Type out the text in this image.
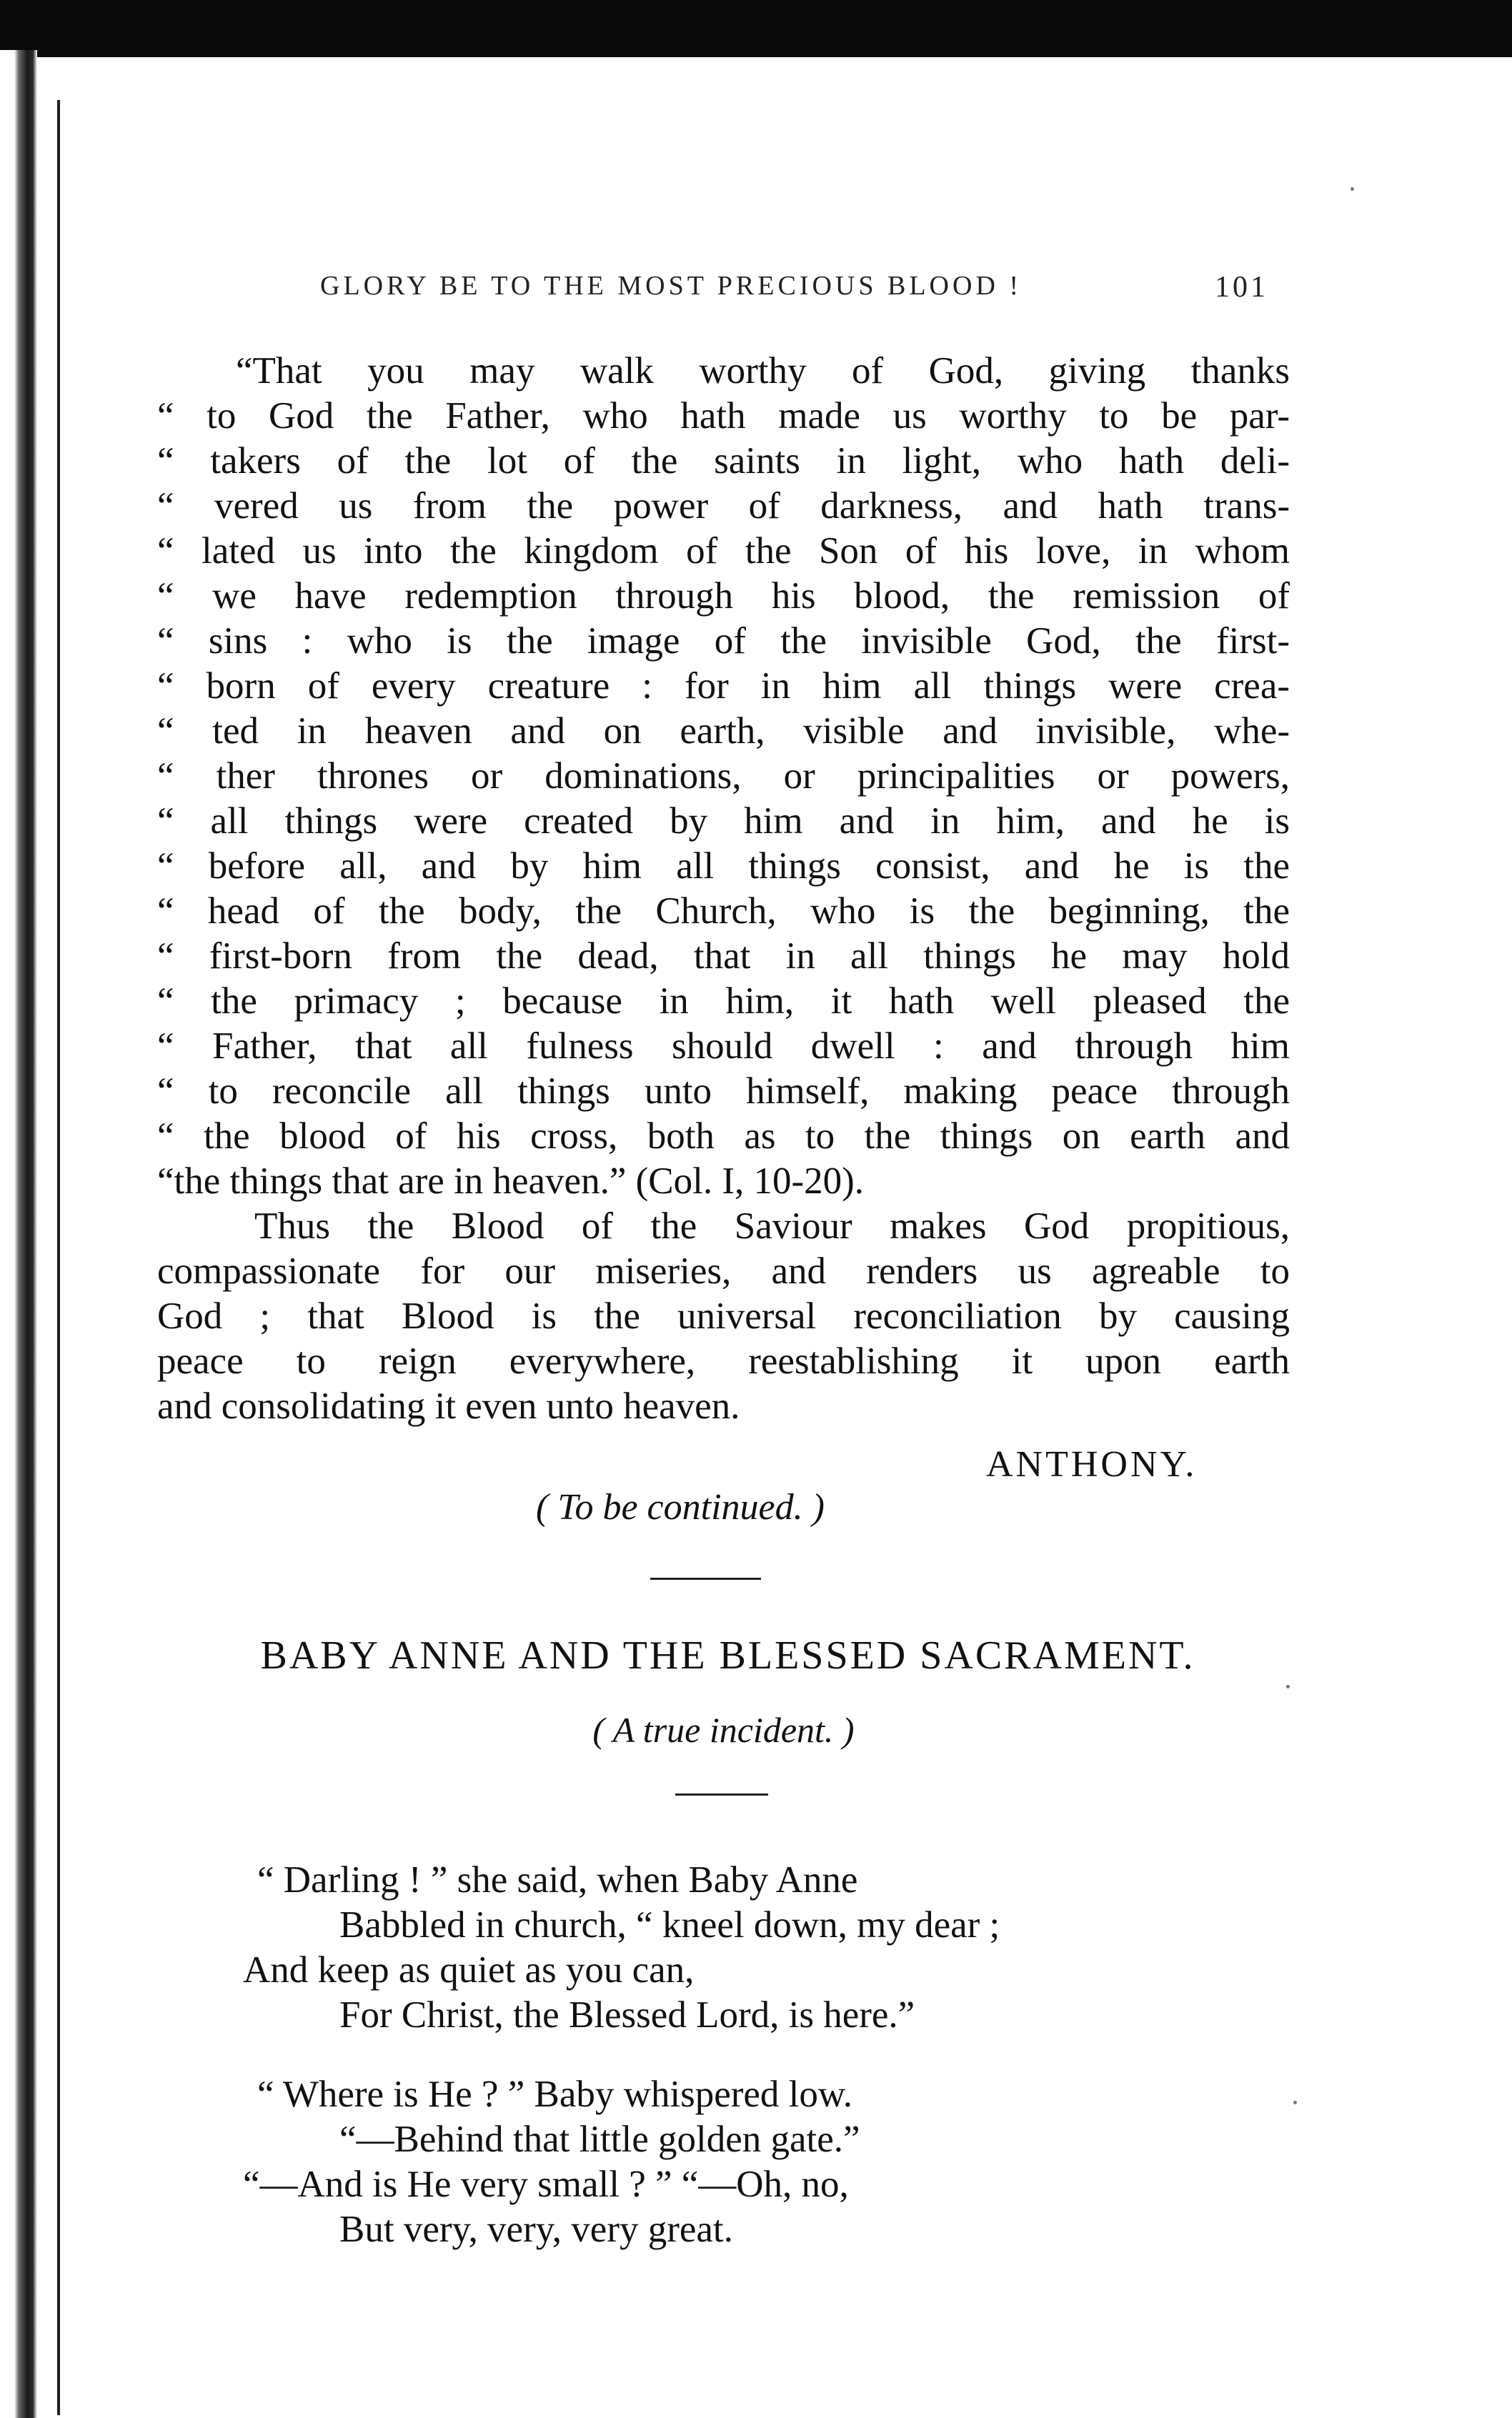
GLORY BE TO THE MOST PRECIOUS BLOOD !	101
“That you may walk worthy of God, giving thanks
“ to God the Father, who hath made us worthy to be par-
“ takers of the lot of the saints in light, who hath deli-
“ vered us from the power of darkness, and hath trans-
“ lated us into the kingdom of the Son of his love, in whom
“ we have redemption through his blood, the remission of
“ sins : who is the image of the invisible God, the first-
“ born of every creature : for in him all things were crea-
“ ted in heaven and on earth, visible and invisible, whe-
“ ther thrones or dominations, or principalities or powers,
“ all things were created by him and in him, and he is
“ before all, and by him all things consist, and he is the
“ head of the body, the Church, who is the beginning, the
“ first-born from the dead, that in all things he may hold
“ the primacy ; because in him, it hath well pleased the
“ Father, that all fulness should dwell : and through him
“ to reconcile all things unto himself, making peace through
“ the blood of his cross, both as to the things on earth and
“the things that are in heaven.” (Col. I, 10-20).
Thus the Blood of the Saviour makes God propitious,
compassionate for our miseries, and renders us agreable to
God ; that Blood is the universal reconciliation by causing
peace to reign everywhere, reestablishing it upon earth
and consolidating it even unto heaven.
ANTHONY.
( To be continued. )
BABY ANNE AND THE BLESSED SACRAMENT.
( A true incident. )
“ Darling ! ” she said, when Baby Anne
Babbled in church, “ kneel down, my dear ;
And keep as quiet as you can,
For Christ, the Blessed Lord, is here.”
“ Where is He ? ” Baby whispered low.
“—Behind that little golden gate.”
“—And is He very small ? ” “—Oh, no,
But very, very, very great.
